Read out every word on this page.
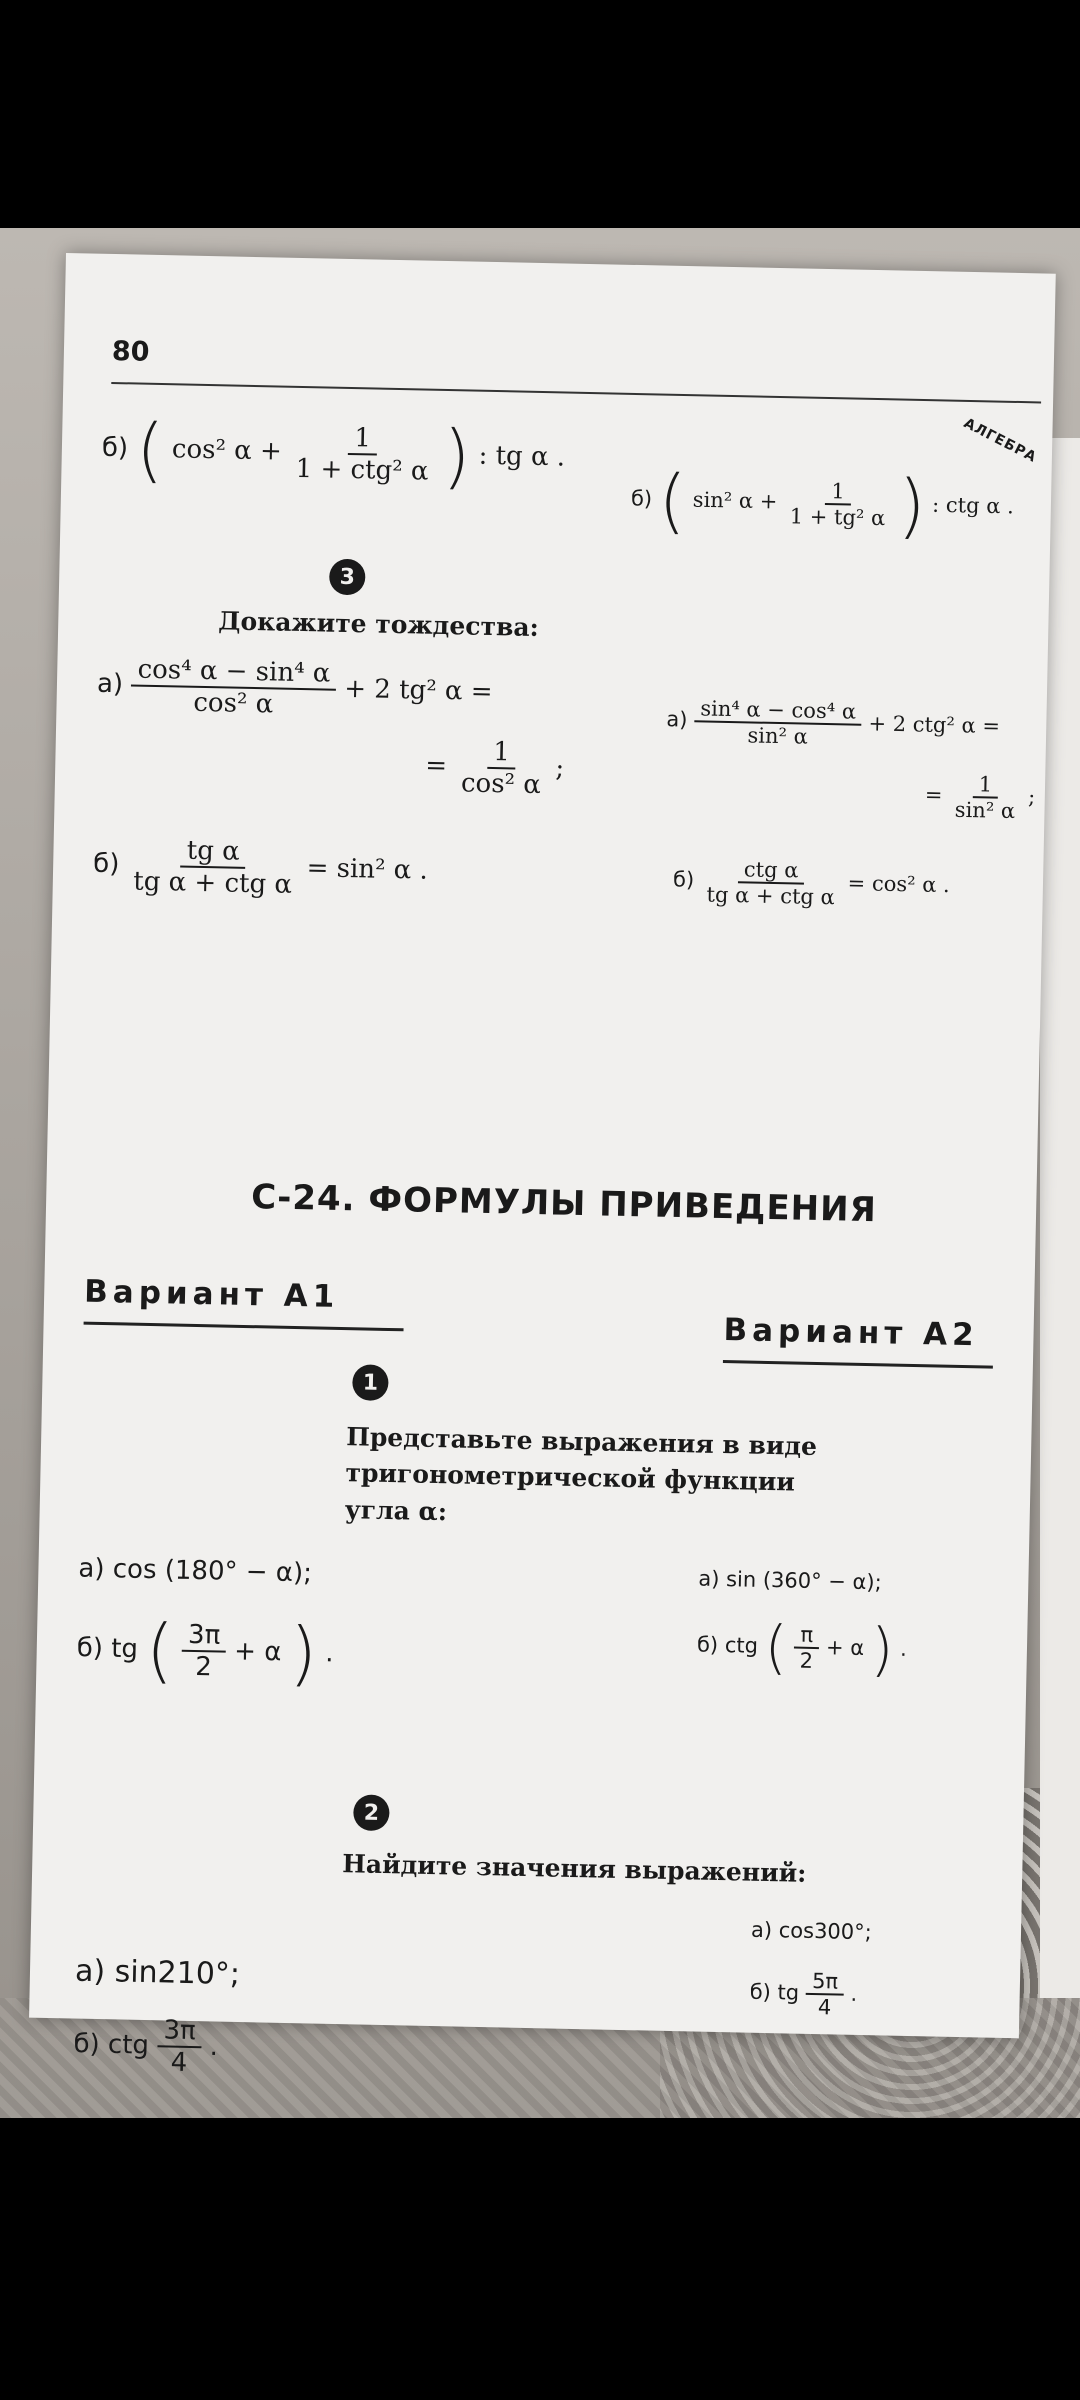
80
АЛГЕБРА
б) ( cos² $\alpha + \frac{1}{\text{1 + ctg² α}}$ ) : tg α .
б) ( sin² $\alpha + \frac{1}{\text{1 + tg² α}}$ ) : ctg α .
3
Докажите тождества:
$а) \frac{\text{cos⁴ α − sin⁴ α}}{\text{cos² α}} + 2$ tg² α =
= $\frac{1}{\text{cos² α}}$ ;
$б) \frac{\text{tg α}}{\text{tg α + ctg α}} = \sin^2$ α .
$а) \frac{\text{sin⁴ α − cos⁴ α}}{\text{sin² α}} + 2$ ctg² α =
= $\frac{1}{\text{sin² α}}$ ;
$б) \frac{\text{ctg α}}{\text{tg α + ctg α}} = \cos^2$ α .
С-24. ФОРМУЛЫ ПРИВЕДЕНИЯ
Вариант А1
Вариант А2
1
Представьте выражения в виде
тригонометрической функции
угла α:
а) cos (180° − α);
б) tg ( $\frac{3\pi}{2} + \alpha$ ) .
а) sin (360° − α);
б) ctg ( $\frac{\pi}{2} + \alpha$ ) .
2
Найдите значения выражений:
а) sin210°;
б) ctg $\frac{3\pi}{4}$ .
а) cos300°;
б) tg $\frac{5\pi}{4}$ .
